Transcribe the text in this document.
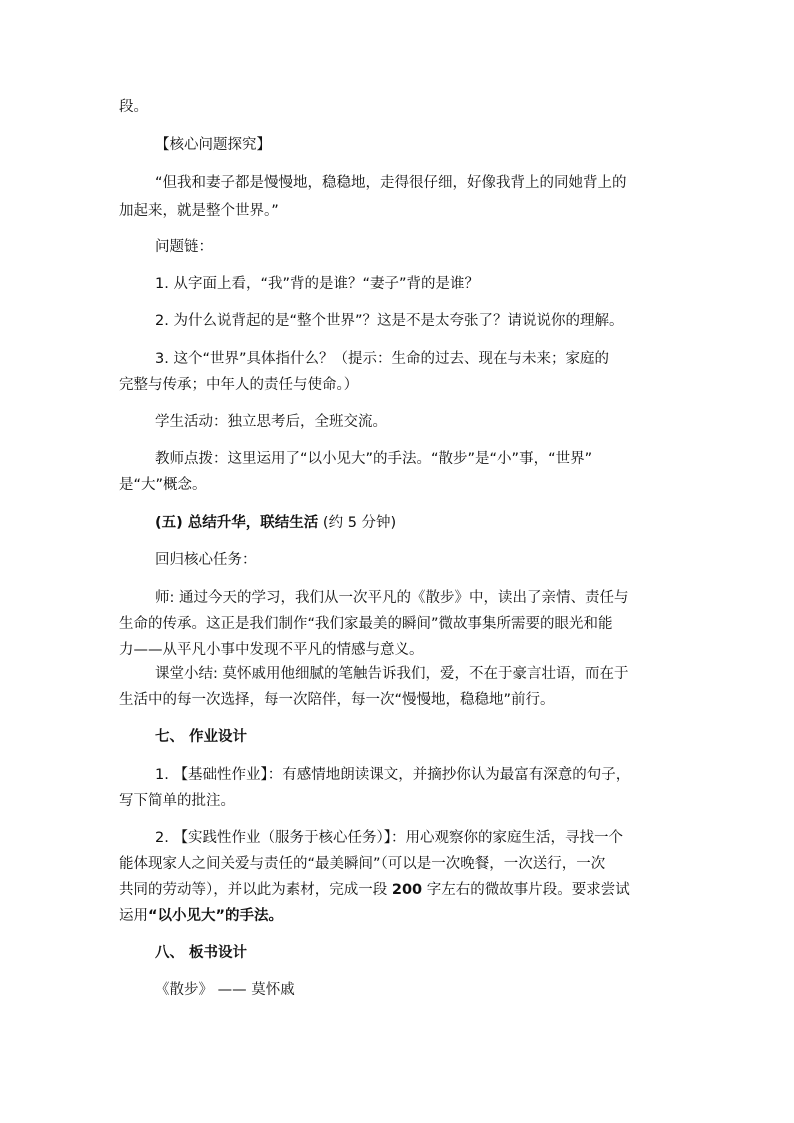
段。

【核心问题探究】

“但我和妻子都是慢慢地，稳稳地，走得很仔细，好像我背上的同她背上的

加起来，就是整个世界。”

问题链：

1. 从字面上看，“我”背的是谁？“妻子”背的是谁？

2. 为什么说背起的是“整个世界”？这是不是太夸张了？请说说你的理解。

3. 这个“世界”具体指什么？（提示：生命的过去、现在与未来；家庭的

完整与传承；中年人的责任与使命。）

学生活动：独立思考后，全班交流。

教师点拨：这里运用了“以小见大”的手法。“散步”是“小”事，“世界”

是“大”概念。

(五) 总结升华，联结生活 (约 5 分钟)

回归核心任务：

师: 通过今天的学习，我们从一次平凡的《散步》中，读出了亲情、责任与

生命的传承。这正是我们制作“我们家最美的瞬间”微故事集所需要的眼光和能

力——从平凡小事中发现不平凡的情感与意义。

课堂小结: 莫怀戚用他细腻的笔触告诉我们，爱，不在于豪言壮语，而在于

生活中的每一次选择，每一次陪伴，每一次“慢慢地，稳稳地”前行。

七、 作业设计

1. 【基础性作业】：有感情地朗读课文，并摘抄你认为最富有深意的句子，

写下简单的批注。

2. 【实践性作业（服务于核心任务）】：用心观察你的家庭生活，寻找一个

能体现家人之间关爱与责任的“最美瞬间”（可以是一次晚餐，一次送行，一次

共同的劳动等），并以此为素材，完成一段 200 字左右的微故事片段。要求尝试

运用“以小见大”的手法。

八、 板书设计

《散步》 —— 莫怀戚
